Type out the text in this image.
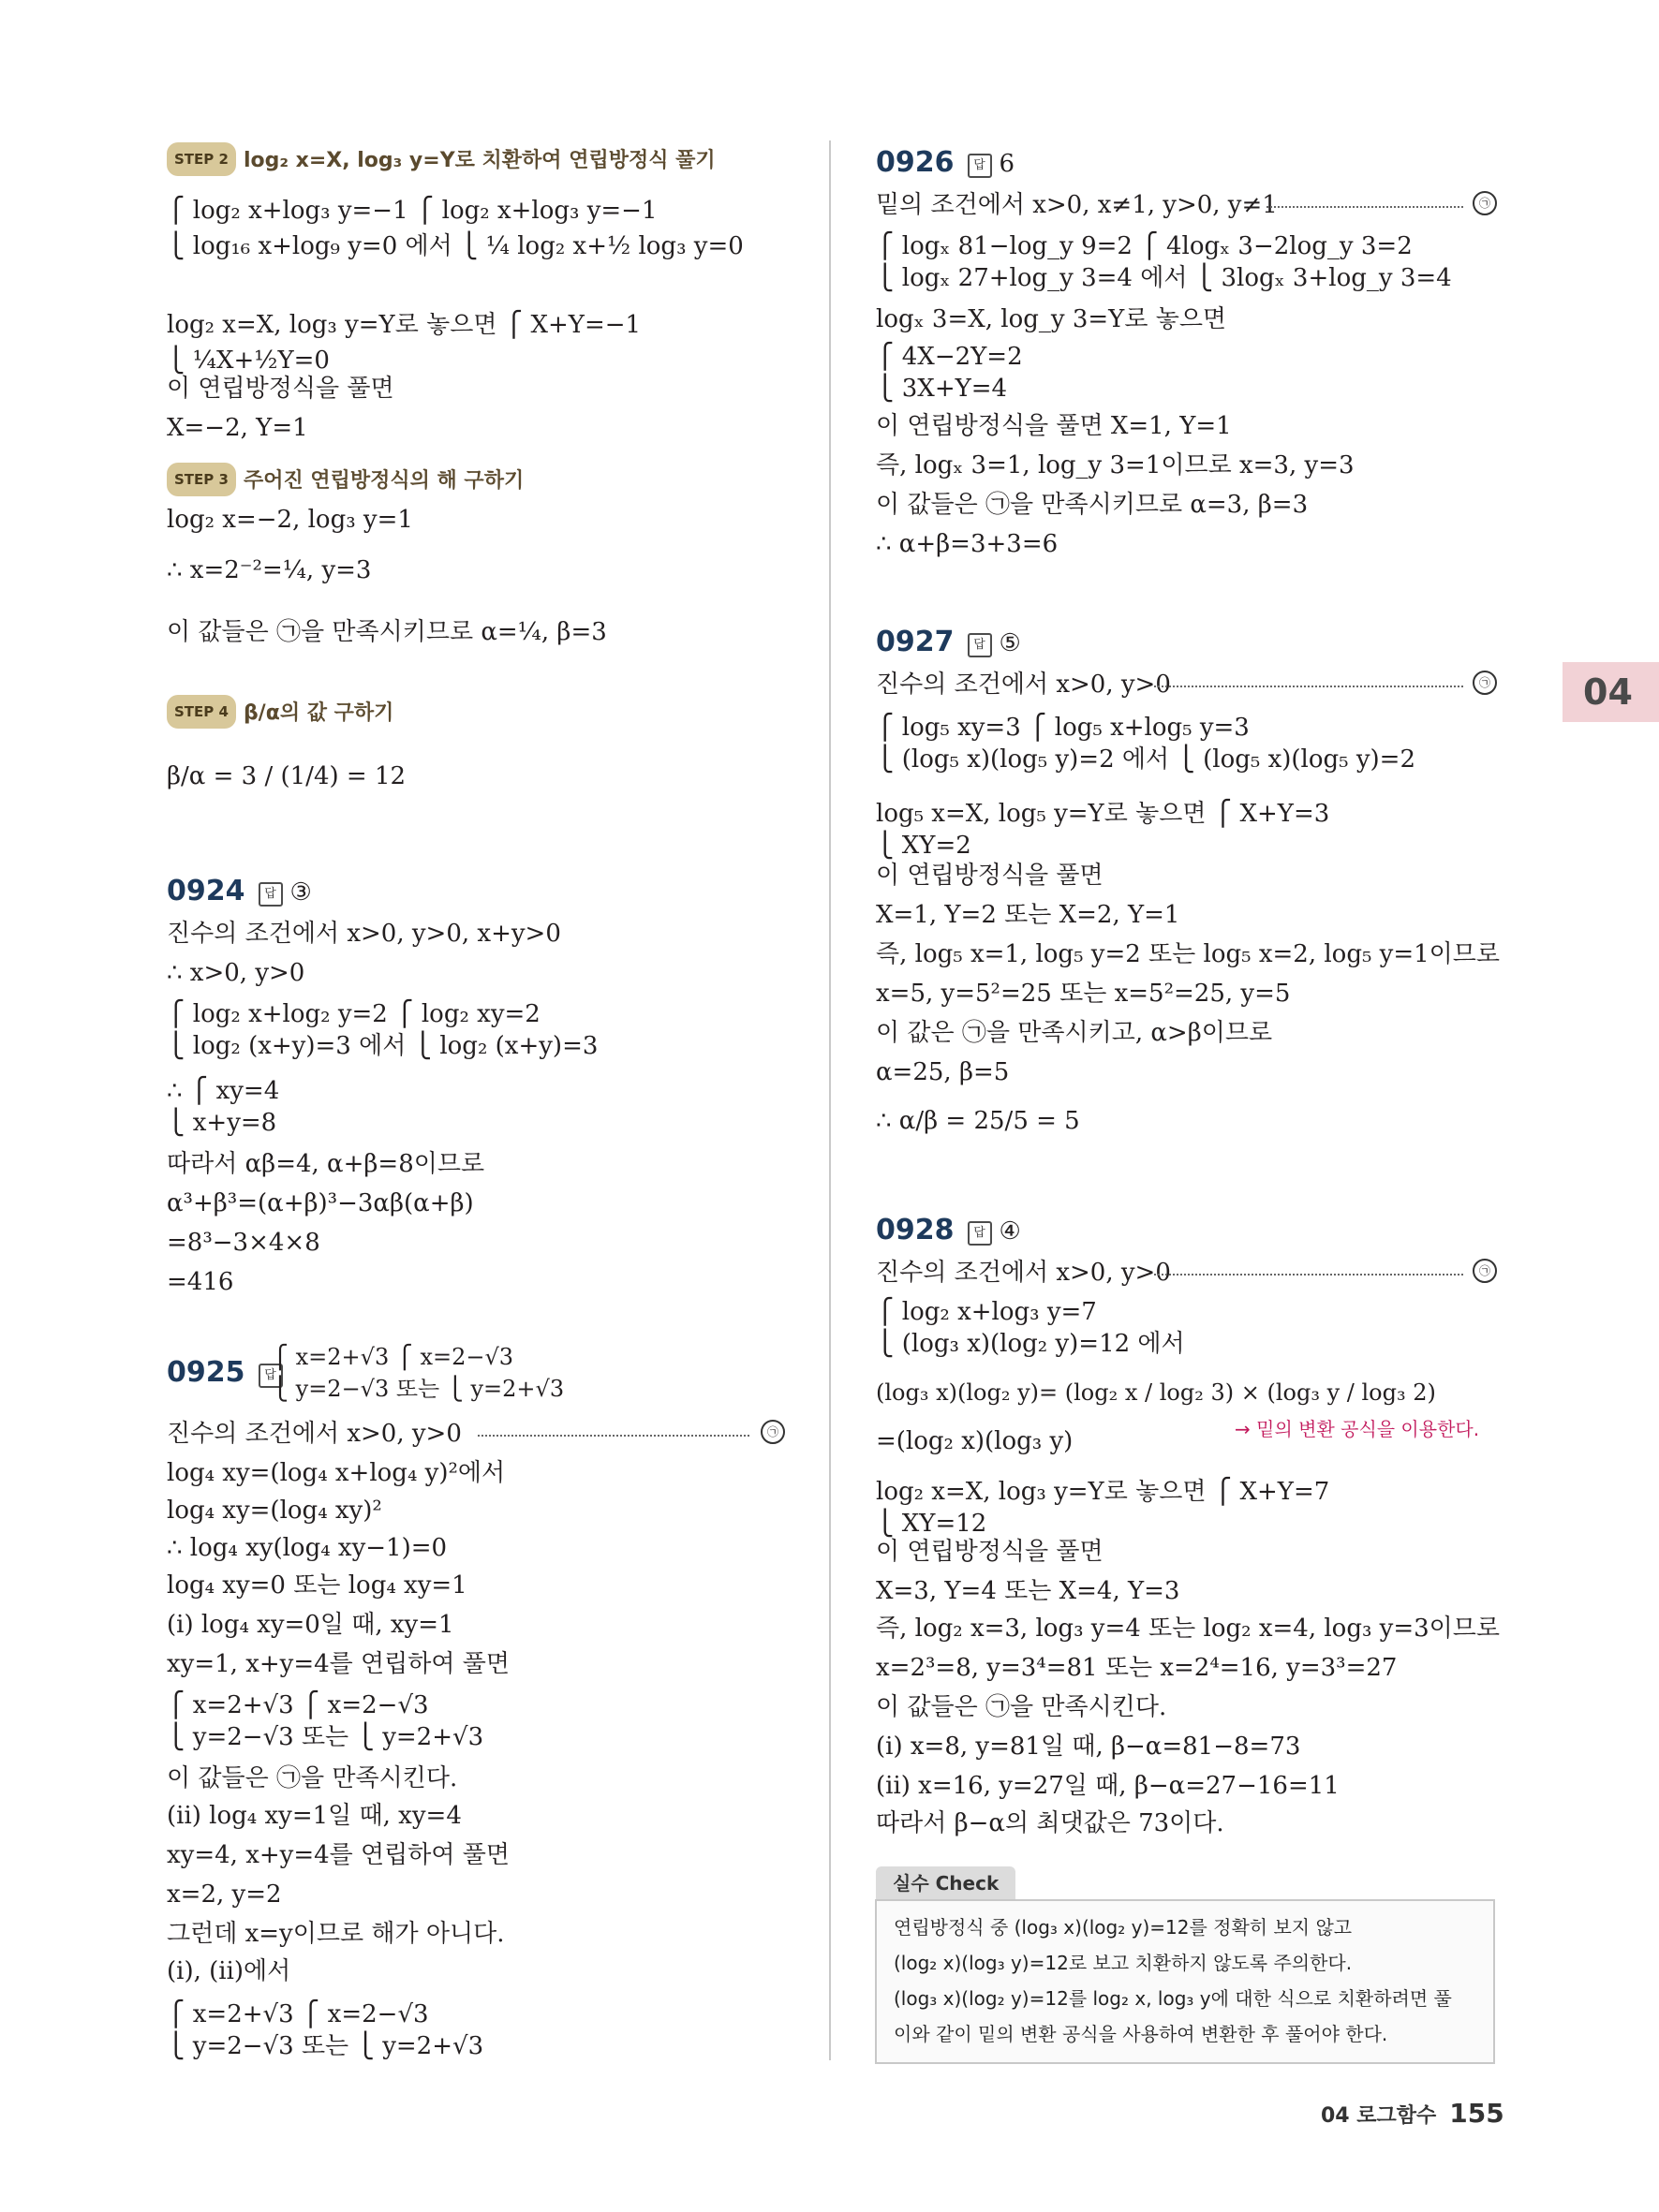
04
STEP 2 log₂ x=X, log₃ y=Y로 치환하여 연립방정식 풀기
⎧ log₂ x+log₃ y=−1 ⎧ log₂ x+log₃ y=−1
⎩ log₁₆ x+log₉ y=0 에서 ⎩ ¼ log₂ x+½ log₃ y=0
log₂ x=X, log₃ y=Y로 놓으면 ⎧ X+Y=−1
⎩ ¼X+½Y=0
이 연립방정식을 풀면
X=−2, Y=1
STEP 3 주어진 연립방정식의 해 구하기
log₂ x=−2, log₃ y=1
∴ x=2⁻²=¼, y=3
이 값들은 ㉠을 만족시키므로 α=¼, β=3
STEP 4 β/α의 값 구하기
β/α = 3 / (1/4) = 12
0924 답 ③
진수의 조건에서 x>0, y>0, x+y>0
∴ x>0, y>0
⎧ log₂ x+log₂ y=2 ⎧ log₂ xy=2
⎩ log₂ (x+y)=3 에서 ⎩ log₂ (x+y)=3
∴ ⎧ xy=4
⎩ x+y=8
따라서 αβ=4, α+β=8이므로
α³+β³=(α+β)³−3αβ(α+β)
=8³−3×4×8
=416
0925 답
⎧ x=2+√3 ⎧ x=2−√3
⎩ y=2−√3 또는 ⎩ y=2+√3
진수의 조건에서 x>0, y>0	㉠
log₄ xy=(log₄ x+log₄ y)²에서
log₄ xy=(log₄ xy)²
∴ log₄ xy(log₄ xy−1)=0
log₄ xy=0 또는 log₄ xy=1
(ⅰ) log₄ xy=0일 때, xy=1
xy=1, x+y=4를 연립하여 풀면
⎧ x=2+√3 ⎧ x=2−√3
⎩ y=2−√3 또는 ⎩ y=2+√3
이 값들은 ㉠을 만족시킨다.
(ⅱ) log₄ xy=1일 때, xy=4
xy=4, x+y=4를 연립하여 풀면
x=2, y=2
그런데 x=y이므로 해가 아니다.
(ⅰ), (ⅱ)에서
⎧ x=2+√3 ⎧ x=2−√3
⎩ y=2−√3 또는 ⎩ y=2+√3
0926 답 6
밑의 조건에서 x>0, x≠1, y>0, y≠1	㉠
⎧ logₓ 81−log_y 9=2 ⎧ 4logₓ 3−2log_y 3=2
⎩ logₓ 27+log_y 3=4 에서 ⎩ 3logₓ 3+log_y 3=4
logₓ 3=X, log_y 3=Y로 놓으면
⎧ 4X−2Y=2
⎩ 3X+Y=4
이 연립방정식을 풀면 X=1, Y=1
즉, logₓ 3=1, log_y 3=1이므로 x=3, y=3
이 값들은 ㉠을 만족시키므로 α=3, β=3
∴ α+β=3+3=6
0927 답 ⑤
진수의 조건에서 x>0, y>0	㉠
⎧ log₅ xy=3 ⎧ log₅ x+log₅ y=3
⎩ (log₅ x)(log₅ y)=2 에서 ⎩ (log₅ x)(log₅ y)=2
log₅ x=X, log₅ y=Y로 놓으면 ⎧ X+Y=3
⎩ XY=2
이 연립방정식을 풀면
X=1, Y=2 또는 X=2, Y=1
즉, log₅ x=1, log₅ y=2 또는 log₅ x=2, log₅ y=1이므로
x=5, y=5²=25 또는 x=5²=25, y=5
이 값은 ㉠을 만족시키고, α>β이므로
α=25, β=5
∴ α/β = 25/5 = 5
0928 답 ④
진수의 조건에서 x>0, y>0	㉠
⎧ log₂ x+log₃ y=7
⎩ (log₃ x)(log₂ y)=12 에서
(log₃ x)(log₂ y)= (log₂ x / log₂ 3) × (log₃ y / log₃ 2)
=(log₂ x)(log₃ y)
log₂ x=X, log₃ y=Y로 놓으면 ⎧ X+Y=7
⎩ XY=12
이 연립방정식을 풀면
X=3, Y=4 또는 X=4, Y=3
즉, log₂ x=3, log₃ y=4 또는 log₂ x=4, log₃ y=3이므로
x=2³=8, y=3⁴=81 또는 x=2⁴=16, y=3³=27
이 값들은 ㉠을 만족시킨다.
(ⅰ) x=8, y=81일 때, β−α=81−8=73
(ⅱ) x=16, y=27일 때, β−α=27−16=11
따라서 β−α의 최댓값은 73이다.
→ 밑의 변환 공식을 이용한다.
실수 Check
연립방정식 중 (log₃ x)(log₂ y)=12를 정확히 보지 않고
(log₂ x)(log₃ y)=12로 보고 치환하지 않도록 주의한다.
(log₃ x)(log₂ y)=12를 log₂ x, log₃ y에 대한 식으로 치환하려면 풀
이와 같이 밑의 변환 공식을 사용하여 변환한 후 풀어야 한다.
04 로그함수 155
